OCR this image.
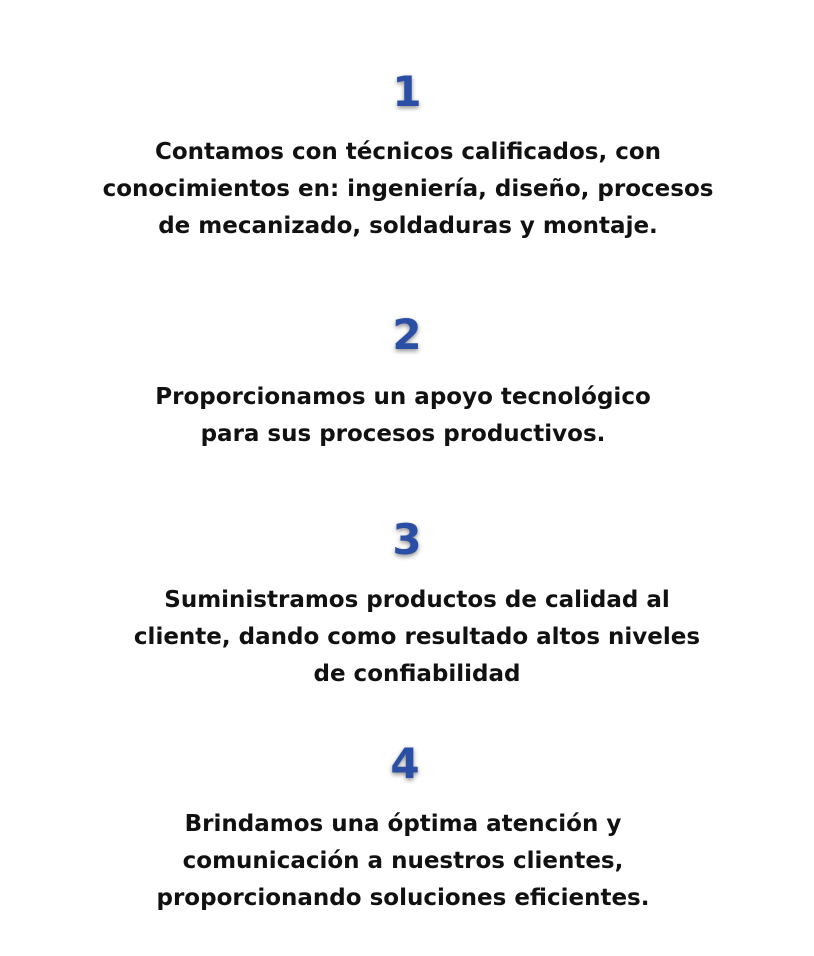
1
Contamos con técnicos calificados, con
conocimientos en: ingeniería, diseño, procesos
de mecanizado, soldaduras y montaje.
2
Proporcionamos un apoyo tecnológico
para sus procesos productivos.
3
Suministramos productos de calidad al
cliente, dando como resultado altos niveles
de confiabilidad
4
Brindamos una óptima atención y
comunicación a nuestros clientes,
proporcionando soluciones eficientes.
